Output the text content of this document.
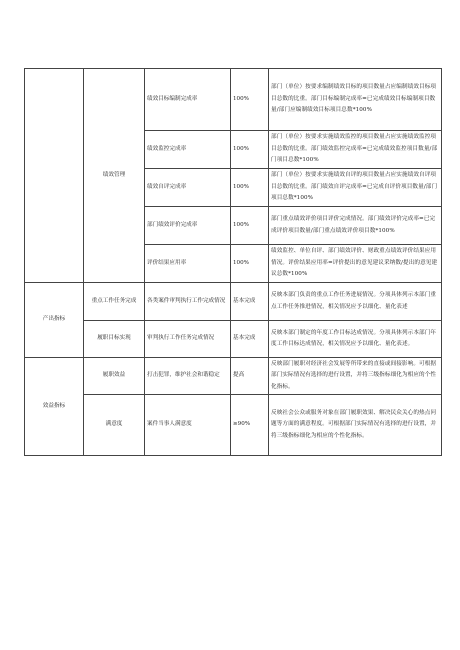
	绩效管理	绩效目标编制完成率	100%	部门（单位）按要求编制绩效目标的项目数量占应编制绩效目标项目总数的比重。部门目标编制完成率=已完成绩效目标编制项目数量/部门应编制绩效目标项目总数*100%
		绩效监控完成率	100%	部门（单位）按要求实施绩效监控的项目数量占应实施绩效监控项目总数的比重。部门绩效监控完成率=已完成绩效监控项目数量/部门项目总数*100%
		绩效自评完成率	100%	部门（单位）按要求实施绩效自评的项目数量占应实施绩效自评项目总数的比重。部门绩效自评完成率=已完成自评价项目数量/部门项目总数*100%
		部门绩效评价完成率	100%	部门重点绩效评价项目评价完成情况。部门绩效评价完成率=已完成评价项目数量/部门重点绩效评价项目数*100%
		评价结果应用率	100%	绩效监控、单位自评、部门绩效评价、财政重点绩效评价结果应用情况。评价结果应用率=评价提出的意见建议采纳数/提出的意见建议总数*100%
产出指标	重点工作任务完成	各类案件审判执行工作完成情况	基本完成	反映本部门负责的重点工作任务进展情况。分项具体列示本部门重点工作任务推进情况，相关情况应予以细化、量化表述
	履职目标实现	审判执行工作任务完成情况	基本完成	反映本部门制定的年度工作目标达成情况。分项具体列示本部门年度工作目标达成情况，相关情况应予以细化、量化表述。
效益指标	履职效益	打击犯罪，维护社会和谐稳定	提高	反映部门履职对经济社会发展等所带来的直接或间接影响。可根据部门实际情况有选择的进行设置，并将三级指标细化为相应的个性化指标。
	满意度	案件当事人满意度	≥90%	反映社会公众或服务对象在部门履职效果、解决民众关心的热点问题等方面的满意程度。可根据部门实际情况有选择的进行设置，并将三级指标细化为相应的个性化指标。
